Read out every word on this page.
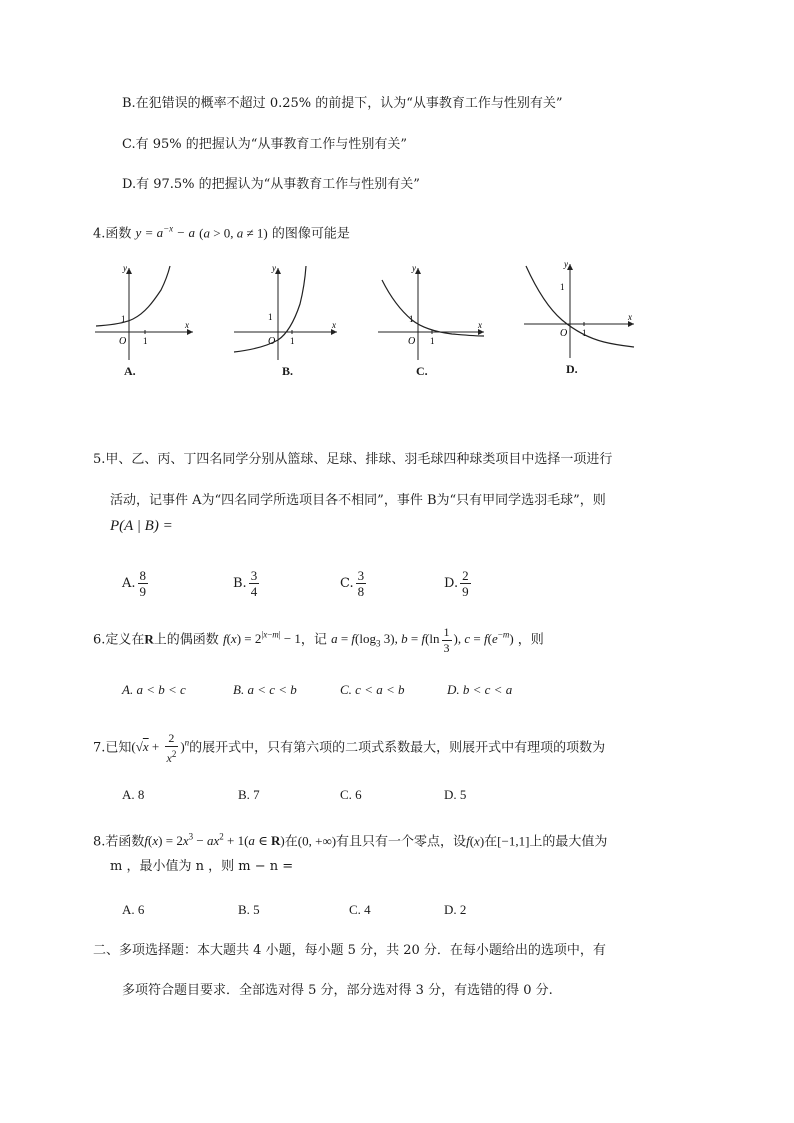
B.在犯错误的概率不超过 0.25% 的前提下，认为“从事教育工作与性别有关”
C.有 95% 的把握认为“从事教育工作与性别有关”
D.有 97.5% 的把握认为“从事教育工作与性别有关”
4.函数 $y = a^{-x} - a$ (a > 0, a ≠ 1) 的图像可能是
y
x
O
1
1
A.
y
x
O
1
1
B.
y
x
O
1
1
C.
y
x
O
1
1
D.
5.甲、乙、丙、丁四名同学分别从篮球、足球、排球、羽毛球四种球类项目中选择一项进行
活动，记事件 A为“四名同学所选项目各不相同”，事件 B为“只有甲同学选羽毛球”，则
P(A | B) =
A. $\frac{8}{9}$	B. $\frac{3}{4}$	C. $\frac{3}{8}$	D. $\frac{2}{9}$
6.定义在R上的偶函数 $f(x) = 2^{|x-m|} - 1$，记 $a = f(\log_3$ 3), $b = f(\ln \frac{1}{3}$ ), $c = f(e^{-m})$ ，则
A. a < b < c	B. a < c < b	C. c < a < b	D. b < c < a
7.已知$(√x + \frac{2}{x^2} )^n$的展开式中，只有第六项的二项式系数最大，则展开式中有理项的项数为
A. 8	B. 7	C. 6	D. 5
8.若函数$f(x) = 2x^3 - ax^2 + 1(a$ ∈ R)在(0, +∞)有且只有一个零点，设f(x)在[−1,1]上的最大值为
m ，最小值为 n ，则 m − n =
A. 6	B. 5	C. 4	D. 2
二、多项选择题：本大题共 4 小题，每小题 5 分，共 20 分．在每小题给出的选项中，有
多项符合题目要求．全部选对得 5 分，部分选对得 3 分，有选错的得 0 分.
